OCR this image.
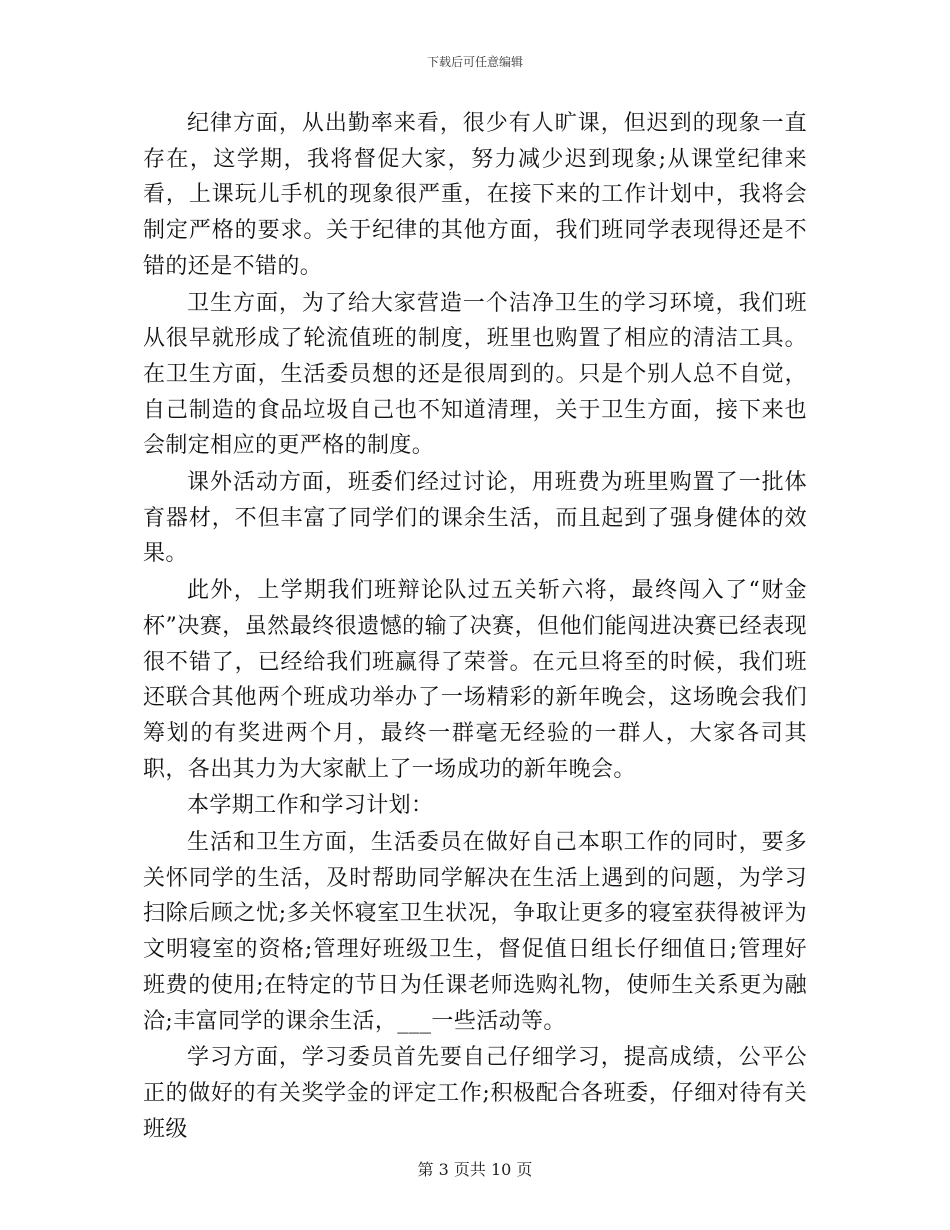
下载后可任意编辑

纪律方面，从出勤率来看，很少有人旷课，但迟到的现象一直存在，这学期，我将督促大家，努力减少迟到现象;从课堂纪律来看，上课玩儿手机的现象很严重，在接下来的工作计划中，我将会制定严格的要求。关于纪律的其他方面，我们班同学表现得还是不错的还是不错的。

卫生方面，为了给大家营造一个洁净卫生的学习环境，我们班从很早就形成了轮流值班的制度，班里也购置了相应的清洁工具。在卫生方面，生活委员想的还是很周到的。只是个别人总不自觉，自己制造的食品垃圾自己也不知道清理，关于卫生方面，接下来也会制定相应的更严格的制度。

课外活动方面，班委们经过讨论，用班费为班里购置了一批体育器材，不但丰富了同学们的课余生活，而且起到了强身健体的效果。

此外，上学期我们班辩论队过五关斩六将，最终闯入了“财金杯”决赛，虽然最终很遗憾的输了决赛，但他们能闯进决赛已经表现很不错了，已经给我们班赢得了荣誉。在元旦将至的时候，我们班还联合其他两个班成功举办了一场精彩的新年晚会，这场晚会我们筹划的有奖进两个月，最终一群毫无经验的一群人，大家各司其职，各出其力为大家献上了一场成功的新年晚会。

本学期工作和学习计划：

生活和卫生方面，生活委员在做好自己本职工作的同时，要多关怀同学的生活，及时帮助同学解决在生活上遇到的问题，为学习扫除后顾之忧;多关怀寝室卫生状况，争取让更多的寝室获得被评为文明寝室的资格;管理好班级卫生，督促值日组长仔细值日;管理好班费的使用;在特定的节日为任课老师选购礼物，使师生关系更为融洽;丰富同学的课余生活，___一些活动等。

学习方面，学习委员首先要自己仔细学习，提高成绩，公平公正的做好的有关奖学金的评定工作;积极配合各班委，仔细对待有关班级

第 3 页共 10 页
